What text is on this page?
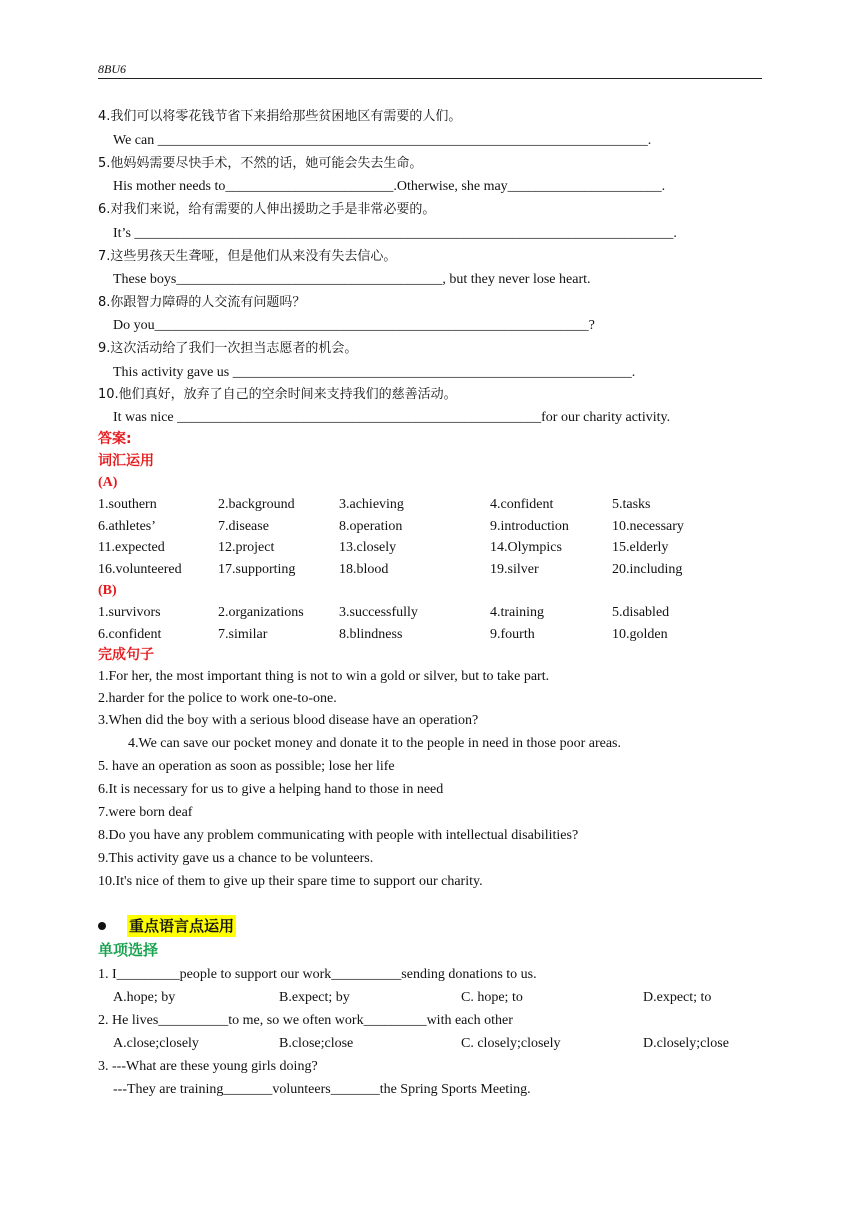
8BU6
4.我们可以将零花钱节省下来捐给那些贫困地区有需要的人们。
We can ______________________________________________________________________.
5.他妈妈需要尽快手术，不然的话，她可能会失去生命。
His mother needs to________________________.Otherwise, she may______________________.
6.对我们来说，给有需要的人伸出援助之手是非常必要的。
It’s _____________________________________________________________________________.
7.这些男孩天生聋哑，但是他们从来没有失去信心。
These boys______________________________________, but they never lose heart.
8.你跟智力障碍的人交流有问题吗？
Do you______________________________________________________________?
9.这次活动给了我们一次担当志愿者的机会。
This activity gave us _________________________________________________________.
10.他们真好，放弃了自己的空余时间来支持我们的慈善活动。
It was nice ____________________________________________________for our charity activity.
答案:
词汇运用
(A)
1.southern	2.background	3.achieving	4.confident	5.tasks
6.athletes’	7.disease	8.operation	9.introduction	10.necessary
11.expected	12.project	13.closely	14.Olympics	15.elderly
16.volunteered	17.supporting	18.blood	19.silver	20.including
(B)
1.survivors	2.organizations	3.successfully	4.training	5.disabled
6.confident	7.similar	8.blindness	9.fourth	10.golden
完成句子
1.For her, the most important thing is not to win a gold or silver, but to take part.
2.harder for the police to work one-to-one.
3.When did the boy with a serious blood disease have an operation?
4.We can save our pocket money and donate it to the people in need in those poor areas.
5. have an operation as soon as possible; lose her life
6.It is necessary for us to give a helping hand to those in need
7.were born deaf
8.Do you have any problem communicating with people with intellectual disabilities?
9.This activity gave us a chance to be volunteers.
10.It's nice of them to give up their spare time to support our charity.
重点语言点运用
单项选择
1. I_________people to support our work__________sending donations to us.
A.hope; by	B.expect; by	C. hope; to	D.expect; to
2. He lives__________to me, so we often work_________with each other
A.close;closely	B.close;close	C. closely;closely	D.closely;close
3. ---What are these young girls doing?
---They are training_______volunteers_______the Spring Sports Meeting.
